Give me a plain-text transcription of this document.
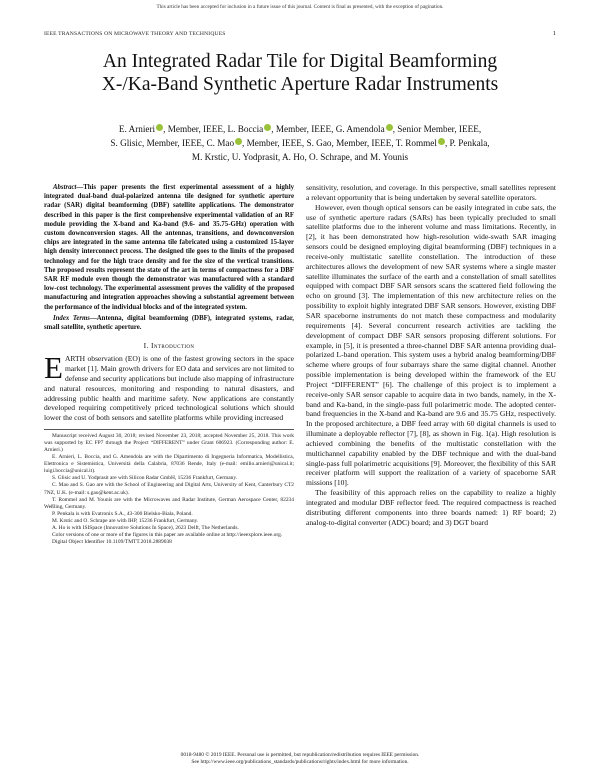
This article has been accepted for inclusion in a future issue of this journal. Content is final as presented, with the exception of pagination.
IEEE TRANSACTIONS ON MICROWAVE THEORY AND TECHNIQUES	1
An Integrated Radar Tile for Digital Beamforming
X-/Ka-Band Synthetic Aperture Radar Instruments
E. Arnieri , Member, IEEE, L. Boccia , Member, IEEE, G. Amendola , Senior Member, IEEE,
S. Glisic, Member, IEEE, C. Mao , Member, IEEE, S. Gao, Member, IEEE, T. Rommel , P. Penkala,
M. Krstic, U. Yodprasit, A. Ho, O. Schrape, and M. Younis

Abstract—This paper presents the first experimental assessment of a highly integrated dual-band dual-polarized antenna tile designed for synthetic aperture radar (SAR) digital beamforming (DBF) satellite applications. The demonstrator described in this paper is the first comprehensive experimental validation of an RF module providing the X-band and Ka-band (9.6- and 35.75-GHz) operation with custom downconversion stages. All the antennas, transitions, and downconversion chips are integrated in the same antenna tile fabricated using a customized 15-layer high density interconnect process. The designed tile goes to the limits of the proposed technology and for the high trace density and for the size of the vertical transitions. The proposed results represent the state of the art in terms of compactness for a DBF SAR RF module even though the demonstrator was manufactured with a standard low-cost technology. The experimental assessment proves the validity of the proposed manufacturing and integration approaches showing a substantial agreement between the performance of the individual blocks and of the integrated system.

Index Terms—Antenna, digital beamforming (DBF), integrated systems, radar, small satellite, synthetic aperture.

I. Introduction

EARTH observation (EO) is one of the fastest growing sectors in the space market [1]. Main growth drivers for EO data and services are not limited to defense and security applications but include also mapping of infrastructure and natural resources, monitoring and responding to natural disasters, and addressing public health and maritime safety. New applications are constantly developed requiring competitively priced technological solutions which should lower the cost of both sensors and satellite platforms while providing increased

Manuscript received August 30, 2018; revised November 23, 2018; accepted November 25, 2018. This work was supported by EC FP7 through the Project “DIFFERENT” under Grant 606923. (Corresponding author: E. Arnieri.)

E. Arnieri, L. Boccia, and G. Amendola are with the Dipartimento di Ingegneria Informatica, Modellistica, Elettronica e Sistemistica, Università della Calabria, 87036 Rende, Italy (e-mail: emilio.arnieri@unical.it; luigi.boccia@unical.it).

S. Glisic and U. Yodprasit are with Silicon Radar GmbH, 15236 Frankfurt, Germany.

C. Mao and S. Gao are with the School of Engineering and Digital Arts, University of Kent, Canterbury CT2 7NZ, U.K. (e-mail: s.gao@kent.ac.uk).

T. Rommel and M. Younis are with the Microwaves and Radar Institute, German Aerospace Center, 82234 Weßling, Germany.

P. Penkala is with Evatronix S.A., 43-300 Bielsko-Biala, Poland.

M. Krstic and O. Schrape are with IHP, 15236 Frankfurt, Germany.

A. Ho is with ISISpace (Innovative Solutions In Space), 2623 Delft, The Netherlands.

Color versions of one or more of the figures in this paper are available online at http://ieeexplore.ieee.org.

Digital Object Identifier 10.1109/TMTT.2018.2889038

sensitivity, resolution, and coverage. In this perspective, small satellites represent a relevant opportunity that is being undertaken by several satellite operators.

However, even though optical sensors can be easily integrated in cube sats, the use of synthetic aperture radars (SARs) has been typically precluded to small satellite platforms due to the inherent volume and mass limitations. Recently, in [2], it has been demonstrated how high-resolution wide-swath SAR imaging sensors could be designed employing digital beamforming (DBF) techniques in a receive-only multistatic satellite constellation. The introduction of these architectures allows the development of new SAR systems where a single master satellite illuminates the surface of the earth and a constellation of small satellites equipped with compact DBF SAR sensors scans the scattered field following the echo on ground [3]. The implementation of this new architecture relies on the possibility to exploit highly integrated DBF SAR sensors. However, existing DBF SAR spaceborne instruments do not match these compactness and modularity requirements [4]. Several concurrent research activities are tackling the development of compact DBF SAR sensors proposing different solutions. For example, in [5], it is presented a three-channel DBF SAR antenna providing dual-polarized L-band operation. This system uses a hybrid analog beamforming/DBF scheme where groups of four subarrays share the same digital channel. Another possible implementation is being developed within the framework of the EU Project “DIFFERENT” [6]. The challenge of this project is to implement a receive-only SAR sensor capable to acquire data in two bands, namely, in the X-band and Ka-band, in the single-pass full polarimetric mode. The adopted center-band frequencies in the X-band and Ka-band are 9.6 and 35.75 GHz, respectively. In the proposed architecture, a DBF feed array with 60 digital channels is used to illuminate a deployable reflector [7], [8], as shown in Fig. 1(a). High resolution is achieved combining the benefits of the multistatic constellation with the multichannel capability enabled by the DBF technique and with the dual-band single-pass full polarimetric acquisitions [9]. Moreover, the flexibility of this SAR receiver platform will support the realization of a variety of spaceborne SAR missions [10].

The feasibility of this approach relies on the capability to realize a highly integrated and modular DBF reflector feed. The required compactness is reached distributing different components into three boards named: 1) RF board; 2) analog-to-digital converter (ADC) board; and 3) DGT board

0018-9480 © 2019 IEEE. Personal use is permitted, but republication/redistribution requires IEEE permission.
See http://www.ieee.org/publications_standards/publications/rights/index.html for more information.
